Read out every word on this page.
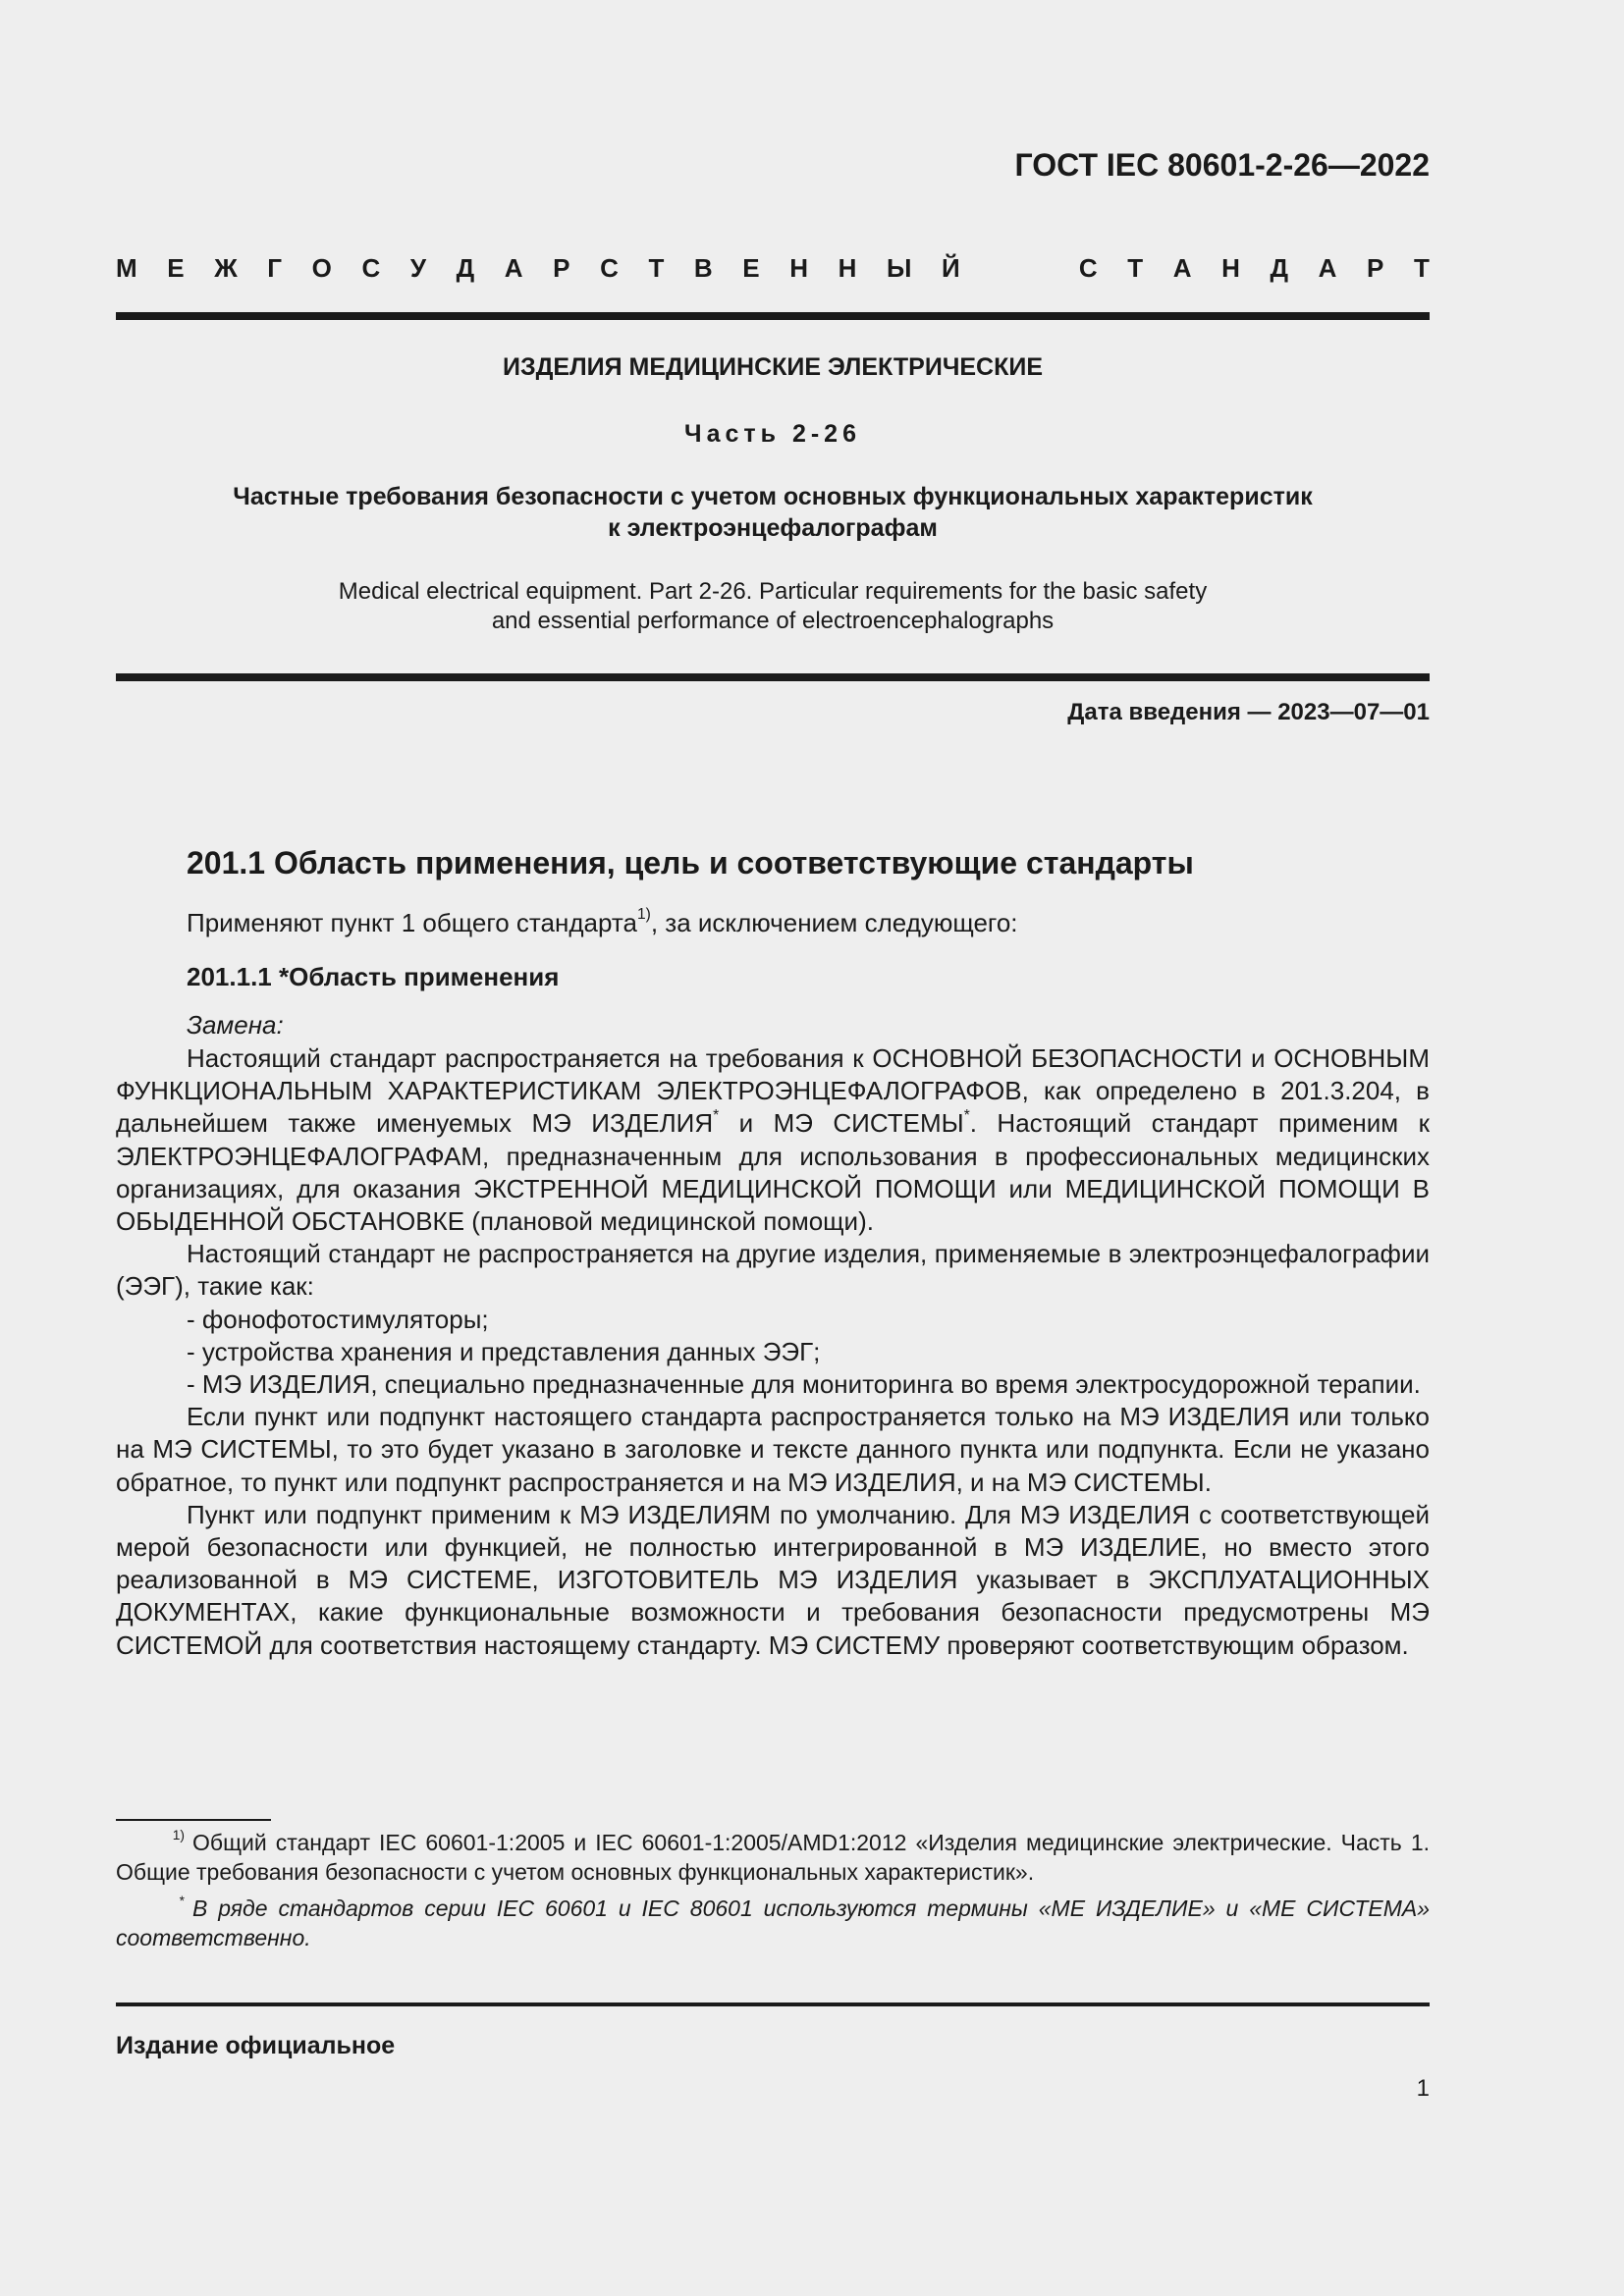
ГОСТ IEC 80601-2-26—2022
М Е Ж Г О С У Д А Р С Т В Е Н Н Ы Й	С Т А Н Д А Р Т
ИЗДЕЛИЯ МЕДИЦИНСКИЕ ЭЛЕКТРИЧЕСКИЕ
Часть 2-26
Частные требования безопасности с учетом основных функциональных характеристик
к электроэнцефалографам
Medical electrical equipment. Part 2-26. Particular requirements for the basic safety
and essential performance of electroencephalographs
Дата введения — 2023—07—01
201.1 Область применения, цель и соответствующие стандарты
Применяют пункт 1 общего стандарта$^{1)}$, за исключением следующего:
201.1.1 *Область применения
Замена:

Настоящий стандарт распространяется на требования к ОСНОВНОЙ БЕЗОПАСНОСТИ и ОСНОВНЫМ ФУНКЦИОНАЛЬНЫМ ХАРАКТЕРИСТИКАМ ЭЛЕКТРОЭНЦЕФАЛОГРАФОВ, как определено в 201.3.204, в дальнейшем также именуемых МЭ ИЗДЕЛИЯ* и МЭ СИСТЕМЫ*. Настоящий стандарт применим к ЭЛЕКТРОЭНЦЕФАЛОГРАФАМ, предназначенным для использования в профессиональных медицинских организациях, для оказания ЭКСТРЕННОЙ МЕДИЦИНСКОЙ ПОМОЩИ или МЕДИЦИНСКОЙ ПОМОЩИ В ОБЫДЕННОЙ ОБСТАНОВКЕ (плановой медицинской помощи).

Настоящий стандарт не распространяется на другие изделия, применяемые в электроэнцефалографии (ЭЭГ), такие как:

- фонофотостимуляторы;

- устройства хранения и представления данных ЭЭГ;

- МЭ ИЗДЕЛИЯ, специально предназначенные для мониторинга во время электросудорожной терапии.

Если пункт или подпункт настоящего стандарта распространяется только на МЭ ИЗДЕЛИЯ или только на МЭ СИСТЕМЫ, то это будет указано в заголовке и тексте данного пункта или подпункта. Если не указано обратное, то пункт или подпункт распространяется и на МЭ ИЗДЕЛИЯ, и на МЭ СИСТЕМЫ.

Пункт или подпункт применим к МЭ ИЗДЕЛИЯМ по умолчанию. Для МЭ ИЗДЕЛИЯ с соответствующей мерой безопасности или функцией, не полностью интегрированной в МЭ ИЗДЕЛИЕ, но вместо этого реализованной в МЭ СИСТЕМЕ, ИЗГОТОВИТЕЛЬ МЭ ИЗДЕЛИЯ указывает в ЭКСПЛУАТАЦИОННЫХ ДОКУМЕНТАХ, какие функциональные возможности и требования безопасности предусмотрены МЭ СИСТЕМОЙ для соответствия настоящему стандарту. МЭ СИСТЕМУ проверяют соответствующим образом.

$^{1)}$ Общий стандарт IEC 60601-1:2005 и IEC 60601-1:2005/AMD1:2012 «Изделия медицинские электрические. Часть 1. Общие требования безопасности с учетом основных функциональных характеристик».
* В ряде стандартов серии IEC 60601 и IEC 80601 используются термины «МЕ ИЗДЕЛИЕ» и «МЕ СИСТЕМА» соответственно.
Издание официальное
1
